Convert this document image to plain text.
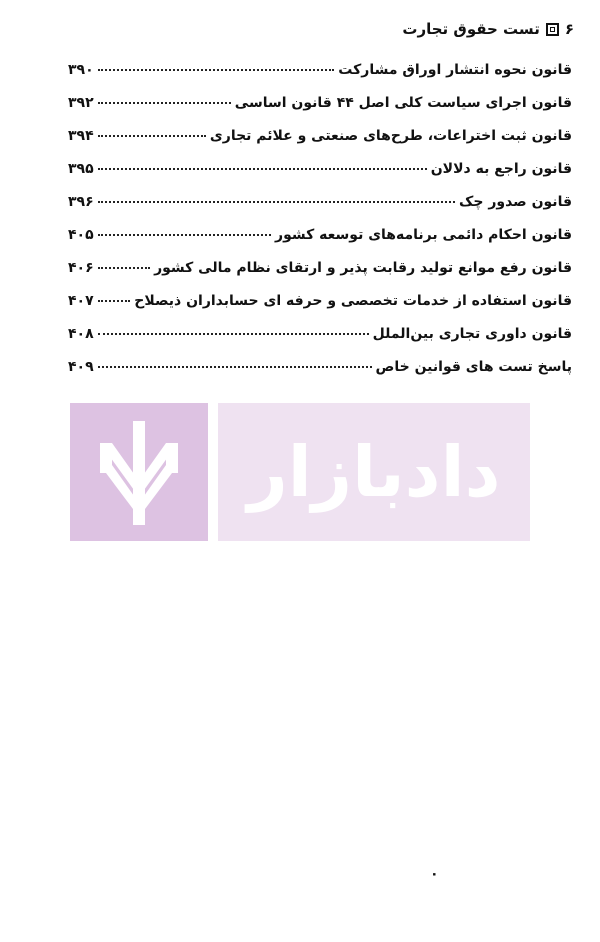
۶
تست حقوق تجارت
قانون نحوه انتشار اوراق مشارکت
۳۹۰
قانون اجرای سیاست کلی اصل ۴۴ قانون اساسی
۳۹۲
قانون ثبت اختراعات، طرح‌های صنعتی و علائم تجاری
۳۹۴
قانون راجع به دلالان
۳۹۵
قانون صدور چک
۳۹۶
قانون احکام دائمی برنامه‌های توسعه کشور
۴۰۵
قانون رفع موانع تولید رقابت پذیر و ارتقای نظام مالی کشور
۴۰۶
قانون استفاده از خدمات تخصصی و حرفه ای حسابداران ذیصلاح
۴۰۷
قانون داوری تجاری بین‌الملل
۴۰۸
پاسخ تست های قوانین خاص
۴۰۹
دادبازار
۰
